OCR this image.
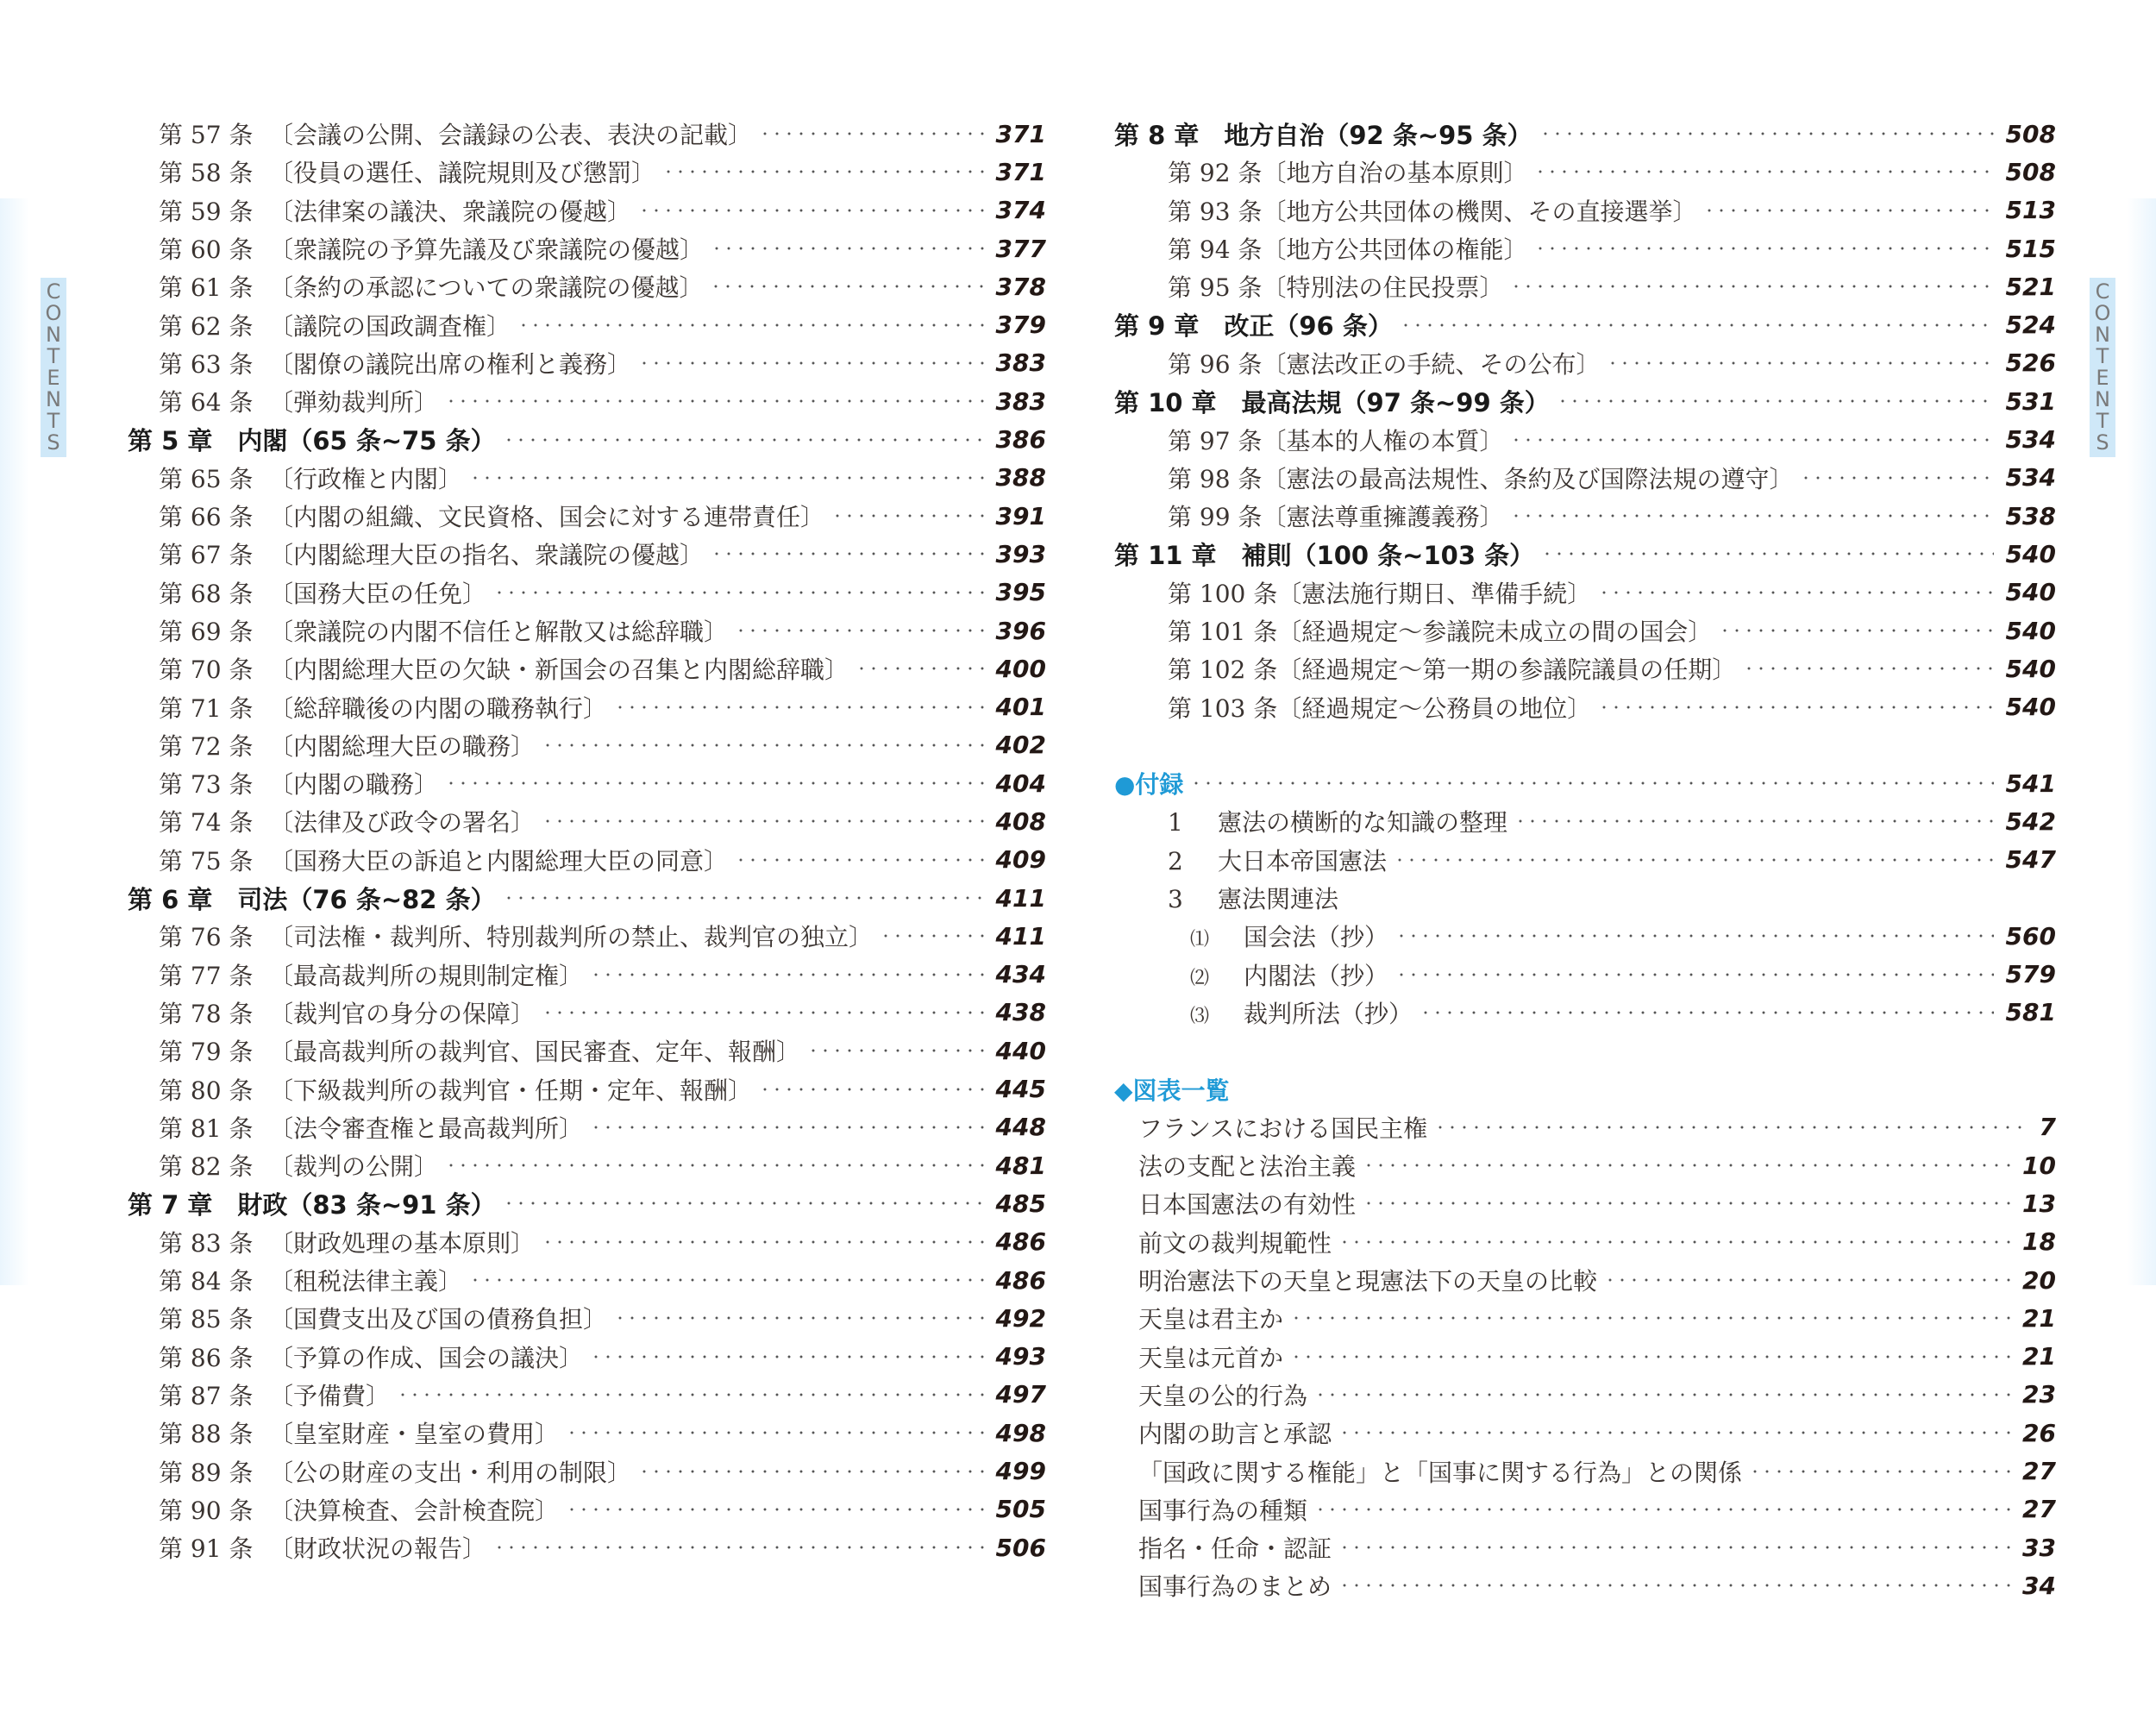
C
O
N
T
E
N
T
S
C
O
N
T
E
N
T
S
第 57 条 〔会議の公開、会議録の公表、表決の記載〕	371
第 58 条 〔役員の選任、議院規則及び懲罰〕	371
第 59 条 〔法律案の議決、衆議院の優越〕	374
第 60 条 〔衆議院の予算先議及び衆議院の優越〕	377
第 61 条 〔条約の承認についての衆議院の優越〕	378
第 62 条 〔議院の国政調査権〕	379
第 63 条 〔閣僚の議院出席の権利と義務〕	383
第 64 条 〔弾劾裁判所〕	383
第 5 章　内閣（65 条~75 条）	386
第 65 条 〔行政権と内閣〕	388
第 66 条 〔内閣の組織、文民資格、国会に対する連帯責任〕	391
第 67 条 〔内閣総理大臣の指名、衆議院の優越〕	393
第 68 条 〔国務大臣の任免〕	395
第 69 条 〔衆議院の内閣不信任と解散又は総辞職〕	396
第 70 条 〔内閣総理大臣の欠缺・新国会の召集と内閣総辞職〕	400
第 71 条 〔総辞職後の内閣の職務執行〕	401
第 72 条 〔内閣総理大臣の職務〕	402
第 73 条 〔内閣の職務〕	404
第 74 条 〔法律及び政令の署名〕	408
第 75 条 〔国務大臣の訴追と内閣総理大臣の同意〕	409
第 6 章　司法（76 条~82 条）	411
第 76 条 〔司法権・裁判所、特別裁判所の禁止、裁判官の独立〕	411
第 77 条 〔最高裁判所の規則制定権〕	434
第 78 条 〔裁判官の身分の保障〕	438
第 79 条 〔最高裁判所の裁判官、国民審査、定年、報酬〕	440
第 80 条 〔下級裁判所の裁判官・任期・定年、報酬〕	445
第 81 条 〔法令審査権と最高裁判所〕	448
第 82 条 〔裁判の公開〕	481
第 7 章　財政（83 条~91 条）	485
第 83 条 〔財政処理の基本原則〕	486
第 84 条 〔租税法律主義〕	486
第 85 条 〔国費支出及び国の債務負担〕	492
第 86 条 〔予算の作成、国会の議決〕	493
第 87 条 〔予備費〕	497
第 88 条 〔皇室財産・皇室の費用〕	498
第 89 条 〔公の財産の支出・利用の制限〕	499
第 90 条 〔決算検査、会計検査院〕	505
第 91 条 〔財政状況の報告〕	506
第 8 章　地方自治（92 条~95 条）	508
第 92 条〔地方自治の基本原則〕	508
第 93 条〔地方公共団体の機関、その直接選挙〕	513
第 94 条〔地方公共団体の権能〕	515
第 95 条〔特別法の住民投票〕	521
第 9 章　改正（96 条）	524
第 96 条〔憲法改正の手続、その公布〕	526
第 10 章　最高法規（97 条~99 条）	531
第 97 条〔基本的人権の本質〕	534
第 98 条〔憲法の最高法規性、条約及び国際法規の遵守〕	534
第 99 条〔憲法尊重擁護義務〕	538
第 11 章　補則（100 条~103 条）	540
第 100 条〔憲法施行期日、準備手続〕	540
第 101 条〔経過規定～参議院未成立の間の国会〕	540
第 102 条〔経過規定～第一期の参議院議員の任期〕	540
第 103 条〔経過規定～公務員の地位〕	540
●付録	541
1 憲法の横断的な知識の整理	542
2 大日本帝国憲法	547
3 憲法関連法
⑴ 国会法（抄）	560
⑵ 内閣法（抄）	579
⑶ 裁判所法（抄）	581
◆図表一覧
フランスにおける国民主権	7
法の支配と法治主義	10
日本国憲法の有効性	13
前文の裁判規範性	18
明治憲法下の天皇と現憲法下の天皇の比較	20
天皇は君主か	21
天皇は元首か	21
天皇の公的行為	23
内閣の助言と承認	26
「国政に関する権能」と「国事に関する行為」との関係	27
国事行為の種類	27
指名・任命・認証	33
国事行為のまとめ	34
